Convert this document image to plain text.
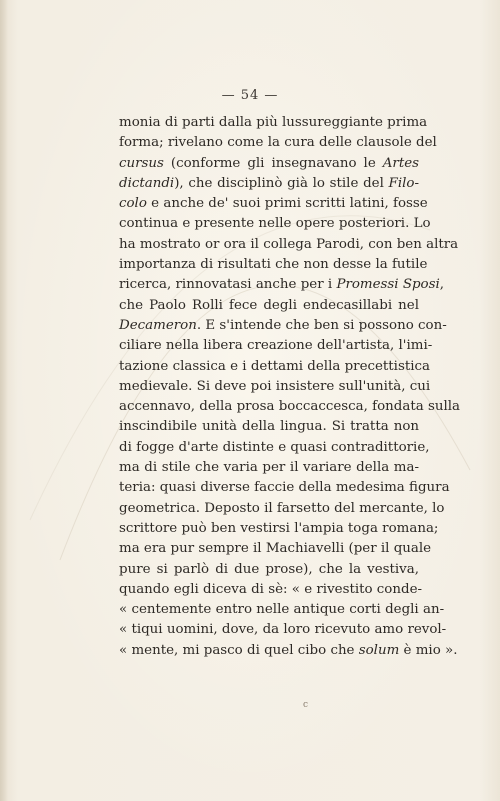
— 54 —
monia di parti dalla più lussureggiante prima
forma; rivelano come la cura delle clausole del
cursus (conforme gli insegnavano le Artes
dictandi), che disciplinò già lo stile del Filo-
colo e anche de' suoi primi scritti latini, fosse
continua e presente nelle opere posteriori. Lo
ha mostrato or ora il collega Parodi, con ben altra
importanza di risultati che non desse la futile
ricerca, rinnovatasi anche per i Promessi Sposi,
che Paolo Rolli fece degli endecasillabi nel
Decameron. E s'intende che ben si possono con-
ciliare nella libera creazione dell'artista, l'imi-
tazione classica e i dettami della precettistica
medievale. Si deve poi insistere sull'unità, cui
accennavo, della prosa boccaccesca, fondata sulla
inscindibile unità della lingua. Si tratta non
di fogge d'arte distinte e quasi contradittorie,
ma di stile che varia per il variare della ma-
teria: quasi diverse faccie della medesima figura
geometrica. Deposto il farsetto del mercante, lo
scrittore può ben vestirsi l'ampia toga romana;
ma era pur sempre il Machiavelli (per il quale
pure si parlò di due prose), che la vestiva,
quando egli diceva di sè: « e rivestito conde-
« centemente entro nelle antique corti degli an-
« tiqui uomini, dove, da loro ricevuto amo revol-
« mente, mi pasco di quel cibo che solum è mio ».
c
